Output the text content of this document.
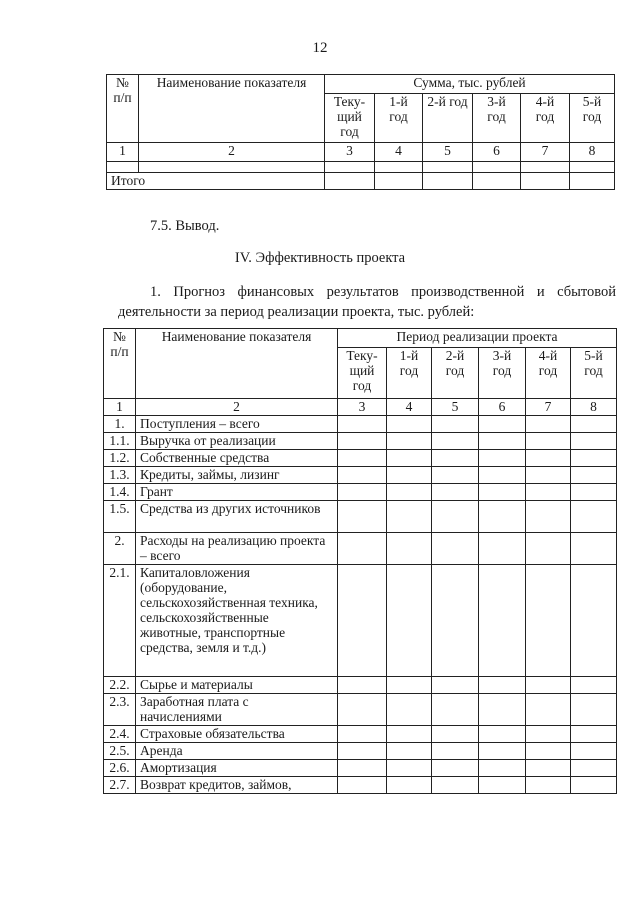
12
№ п/п	Наименование показателя	Сумма, тыс. рублей					
		Теку-щий год	1-й год	2-й год	3-й год	4-й год	5-й год
1	2	3	4	5	6	7	8

Итого							
7.5. Вывод.
IV. Эффективность проекта
1. Прогноз финансовых результатов производственной и сбытовой деятельности за период реализации проекта, тыс. рублей:
№ п/п	Наименование показателя	Период реализации проекта					
		Теку-щий год	1-й год	2-й год	3-й год	4-й год	5-й год
1	2	3	4	5	6	7	8
1.	Поступления – всего						
1.1.	Выручка от реализации						
1.2.	Собственные средства						
1.3.	Кредиты, займы, лизинг						
1.4.	Грант						
1.5.	Средства из других источников						
2.	Расходы на реализацию проекта – всего						
2.1.	Капиталовложения (оборудование, сельскохозяйственная техника, сельскохозяйственные животные, транспортные средства, земля и т.д.)						
2.2.	Сырье и материалы						
2.3.	Заработная плата с начислениями						
2.4.	Страховые обязательства						
2.5.	Аренда						
2.6.	Амортизация						
2.7.	Возврат кредитов, займов,						
